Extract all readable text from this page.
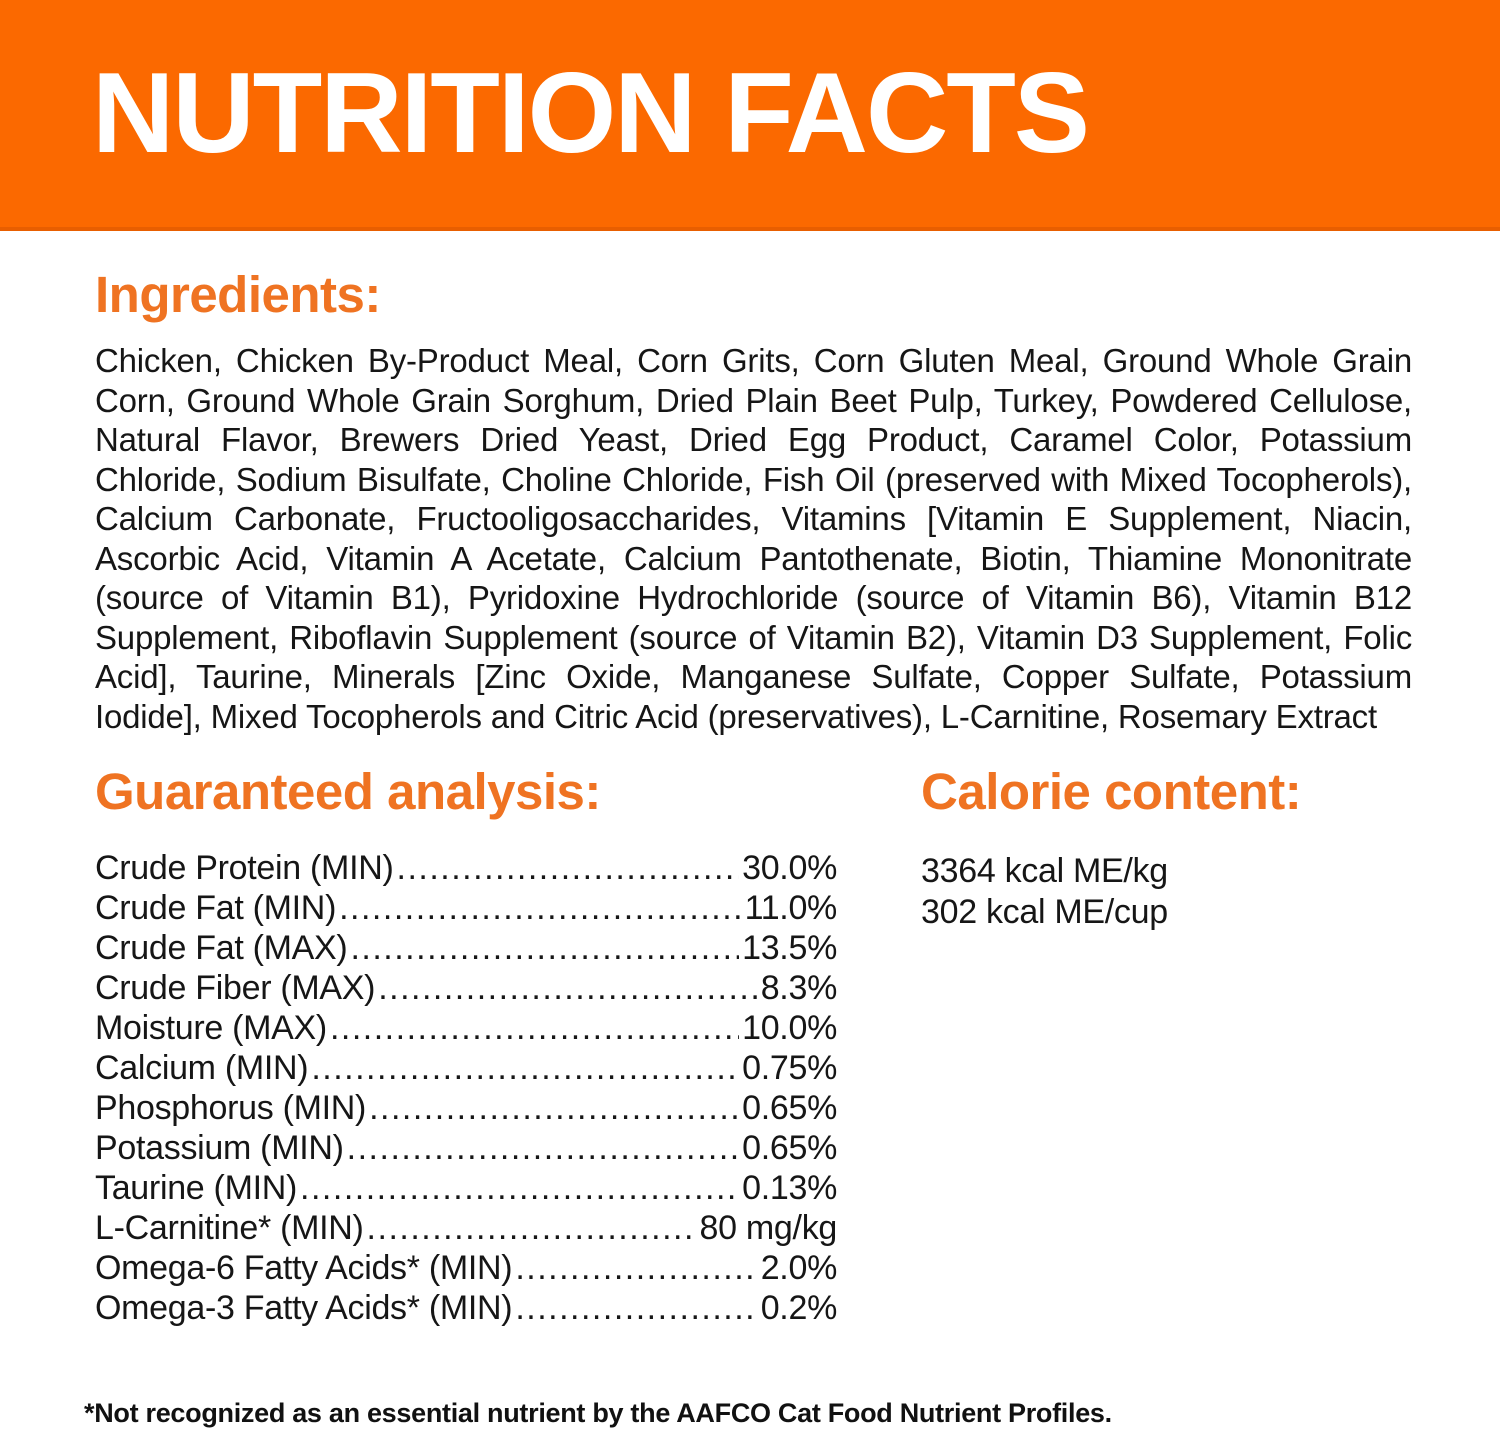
NUTRITION FACTS
Ingredients:

Chicken, Chicken By-Product Meal, Corn Grits, Corn Gluten Meal, Ground Whole Grain Corn, Ground Whole Grain Sorghum, Dried Plain Beet Pulp, Turkey, Powdered Cellulose, Natural Flavor, Brewers Dried Yeast, Dried Egg Product, Caramel Color, Potassium Chloride, Sodium Bisulfate, Choline Chloride, Fish Oil (preserved with Mixed Tocopherols), Calcium Carbonate, Fructooligosaccharides, Vitamins [Vitamin E Supplement, Niacin, Ascorbic Acid, Vitamin A Acetate, Calcium Pantothenate, Biotin, Thiamine Mononitrate (source of Vitamin B1), Pyridoxine Hydrochloride (source of Vitamin B6), Vitamin B12 Supplement, Riboflavin Supplement (source of Vitamin B2), Vitamin D3 Supplement, Folic Acid], Taurine, Minerals [Zinc Oxide, Manganese Sulfate, Copper Sulfate, Potassium Iodide], Mixed Tocopherols and Citric Acid (preservatives), L-Carnitine, Rosemary Extract

Guaranteed analysis:
Crude Protein (MIN) .....	30.0%
Crude Fat (MIN) .....	11.0%
Crude Fat (MAX) .....	13.5%
Crude Fiber (MAX) .....	8.3%
Moisture (MAX) .....	10.0%
Calcium (MIN) .....	0.75%
Phosphorus (MIN) .....	0.65%
Potassium (MIN) .....	0.65%
Taurine (MIN) .....	0.13%
L-Carnitine* (MIN) .....	80 mg/kg
Omega-6 Fatty Acids* (MIN) .....	2.0%
Omega-3 Fatty Acids* (MIN) .....	0.2%
Calorie content:
3364 kcal ME/kg
302 kcal ME/cup
*Not recognized as an essential nutrient by the AAFCO Cat Food Nutrient Profiles.
